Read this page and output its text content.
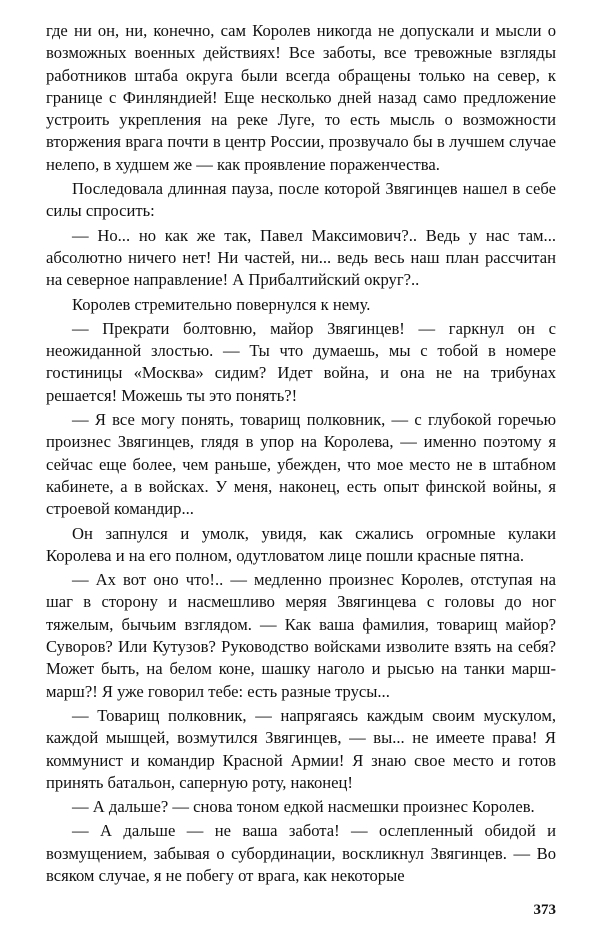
где ни он, ни, конечно, сам Королев никогда не допускали и мысли о возможных военных действиях! Все заботы, все тревожные взгляды работников штаба округа были всегда обращены только на север, к границе с Финляндией! Еще несколько дней назад само предложение устроить укрепления на реке Луге, то есть мысль о возможности вторжения врага почти в центр России, прозвучало бы в лучшем случае нелепо, в худшем же — как проявление пораженчества.

Последовала длинная пауза, после которой Звягинцев нашел в себе силы спросить:

— Но... но как же так, Павел Максимович?.. Ведь у нас там... абсолютно ничего нет! Ни частей, ни... ведь весь наш план рассчитан на северное направление! А Прибалтийский округ?..

Королев стремительно повернулся к нему.

— Прекрати болтовню, майор Звягинцев! — гаркнул он с неожиданной злостью. — Ты что думаешь, мы с тобой в номере гостиницы «Москва» сидим? Идет война, и она не на трибунах решается! Можешь ты это понять?!

— Я все могу понять, товарищ полковник, — с глубокой горечью произнес Звягинцев, глядя в упор на Королева, — именно поэтому я сейчас еще более, чем раньше, убежден, что мое место не в штабном кабинете, а в войсках. У меня, наконец, есть опыт финской войны, я строевой командир...

Он запнулся и умолк, увидя, как сжались огромные кулаки Королева и на его полном, одутловатом лице пошли красные пятна.

— Ах вот оно что!.. — медленно произнес Королев, отступая на шаг в сторону и насмешливо меряя Звягинцева с головы до ног тяжелым, бычьим взглядом. — Как ваша фамилия, товарищ майор? Суворов? Или Кутузов? Руководство войсками изволите взять на себя? Может быть, на белом коне, шашку наголо и рысью на танки марш-марш?! Я уже говорил тебе: есть разные трусы...

— Товарищ полковник, — напрягаясь каждым своим мускулом, каждой мышцей, возмутился Звягинцев, — вы... не имеете права! Я коммунист и командир Красной Армии! Я знаю свое место и готов принять батальон, саперную роту, наконец!

— А дальше? — снова тоном едкой насмешки произнес Королев.

— А дальше — не ваша забота! — ослепленный обидой и возмущением, забывая о субординации, воскликнул Звягинцев. — Во всяком случае, я не побегу от врага, как некоторые

373
